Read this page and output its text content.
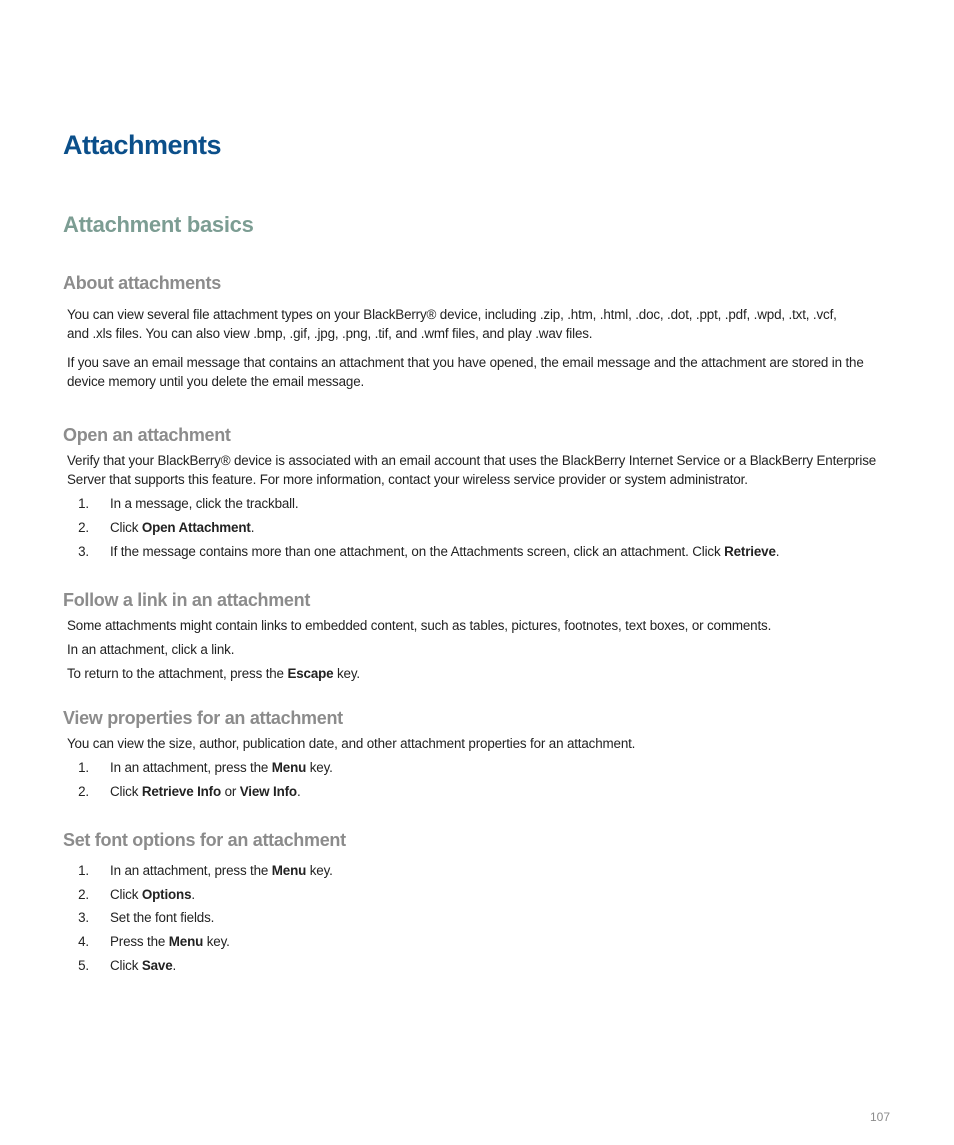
Attachments
Attachment basics
About attachments
You can view several file attachment types on your BlackBerry® device, including .zip, .htm, .html, .doc, .dot, .ppt, .pdf, .wpd, .txt, .vcf,
and .xls files. You can also view .bmp, .gif, .jpg, .png, .tif, and .wmf files, and play .wav files.
If you save an email message that contains an attachment that you have opened, the email message and the attachment are stored in the
device memory until you delete the email message.
Open an attachment
Verify that your BlackBerry® device is associated with an email account that uses the BlackBerry Internet Service or a BlackBerry Enterprise
Server that supports this feature. For more information, contact your wireless service provider or system administrator.
1. In a message, click the trackball.
2. Click Open Attachment.
3. If the message contains more than one attachment, on the Attachments screen, click an attachment. Click Retrieve.
Follow a link in an attachment
Some attachments might contain links to embedded content, such as tables, pictures, footnotes, text boxes, or comments.
In an attachment, click a link.
To return to the attachment, press the Escape key.
View properties for an attachment
You can view the size, author, publication date, and other attachment properties for an attachment.
1. In an attachment, press the Menu key.
2. Click Retrieve Info or View Info.
Set font options for an attachment
1. In an attachment, press the Menu key.
2. Click Options.
3. Set the font fields.
4. Press the Menu key.
5. Click Save.
107
